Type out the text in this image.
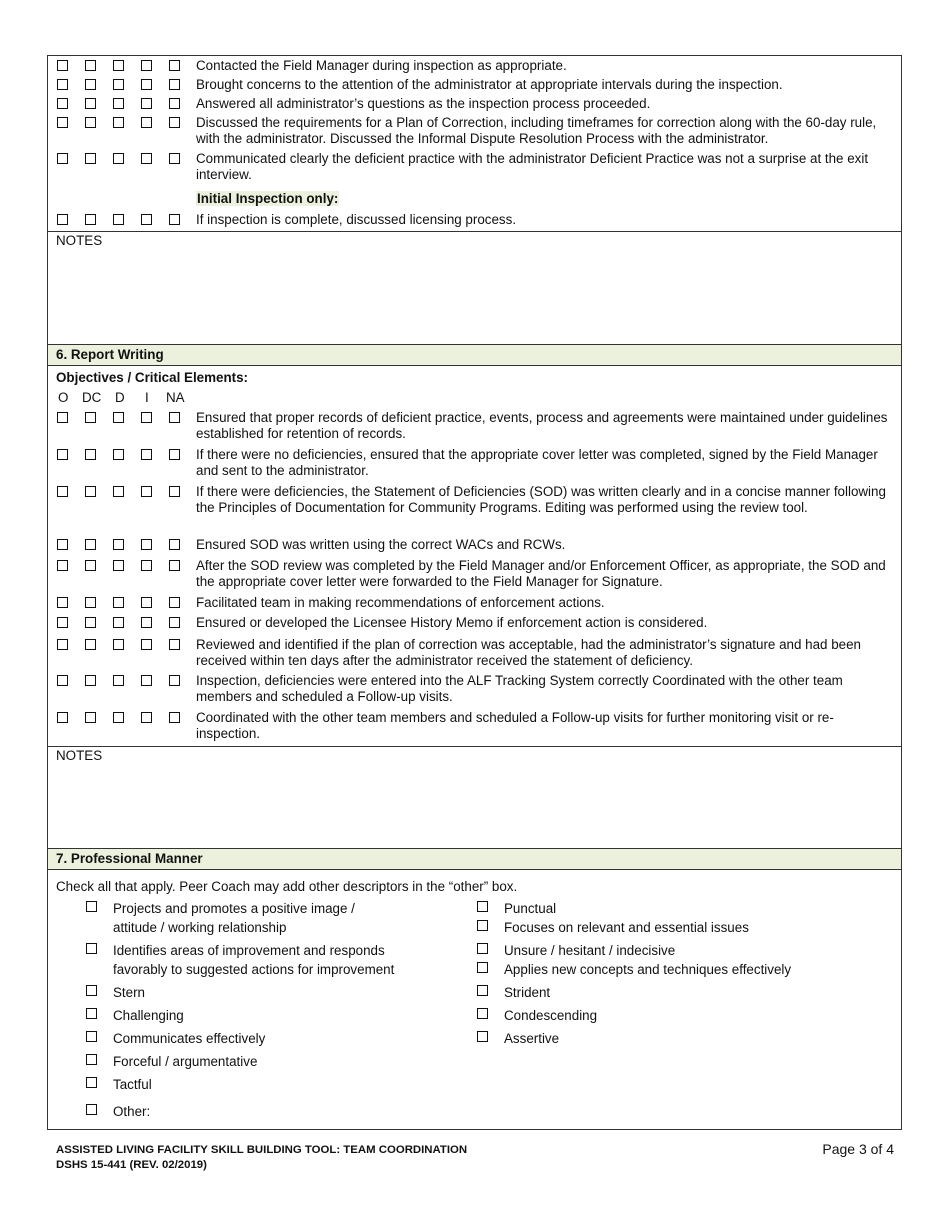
Contacted the Field Manager during inspection as appropriate.
Brought concerns to the attention of the administrator at appropriate intervals during the inspection.
Answered all administrator’s questions as the inspection process proceeded.
Discussed the requirements for a Plan of Correction, including timeframes for correction along with the 60-day rule, with the administrator. Discussed the Informal Dispute Resolution Process with the administrator.
Communicated clearly the deficient practice with the administrator Deficient Practice was not a surprise at the exit interview.
Initial Inspection only:
If inspection is complete, discussed licensing process.
NOTES
6. Report Writing
Objectives / Critical Elements:
O DC D I NA
Ensured that proper records of deficient practice, events, process and agreements were maintained under guidelines established for retention of records.
If there were no deficiencies, ensured that the appropriate cover letter was completed, signed by the Field Manager and sent to the administrator.
If there were deficiencies, the Statement of Deficiencies (SOD) was written clearly and in a concise manner following the Principles of Documentation for Community Programs. Editing was performed using the review tool.
Ensured SOD was written using the correct WACs and RCWs.
After the SOD review was completed by the Field Manager and/or Enforcement Officer, as appropriate, the SOD and the appropriate cover letter were forwarded to the Field Manager for Signature.
Facilitated team in making recommendations of enforcement actions.
Ensured or developed the Licensee History Memo if enforcement action is considered.
Reviewed and identified if the plan of correction was acceptable, had the administrator’s signature and had been received within ten days after the administrator received the statement of deficiency.
Inspection, deficiencies were entered into the ALF Tracking System correctly Coordinated with the other team members and scheduled a Follow-up visits.
Coordinated with the other team members and scheduled a Follow-up visits for further monitoring visit or re-inspection.
NOTES
7. Professional Manner
Check all that apply. Peer Coach may add other descriptors in the “other” box.
Projects and promotes a positive image /
attitude / working relationship
Identifies areas of improvement and responds
favorably to suggested actions for improvement
Stern
Challenging
Communicates effectively
Forceful / argumentative
Tactful
Other:
Punctual
Focuses on relevant and essential issues
Unsure / hesitant / indecisive
Applies new concepts and techniques effectively
Strident
Condescending
Assertive
ASSISTED LIVING FACILITY SKILL BUILDING TOOL: TEAM COORDINATION
DSHS 15-441 (REV. 02/2019)
Page 3 of 4
